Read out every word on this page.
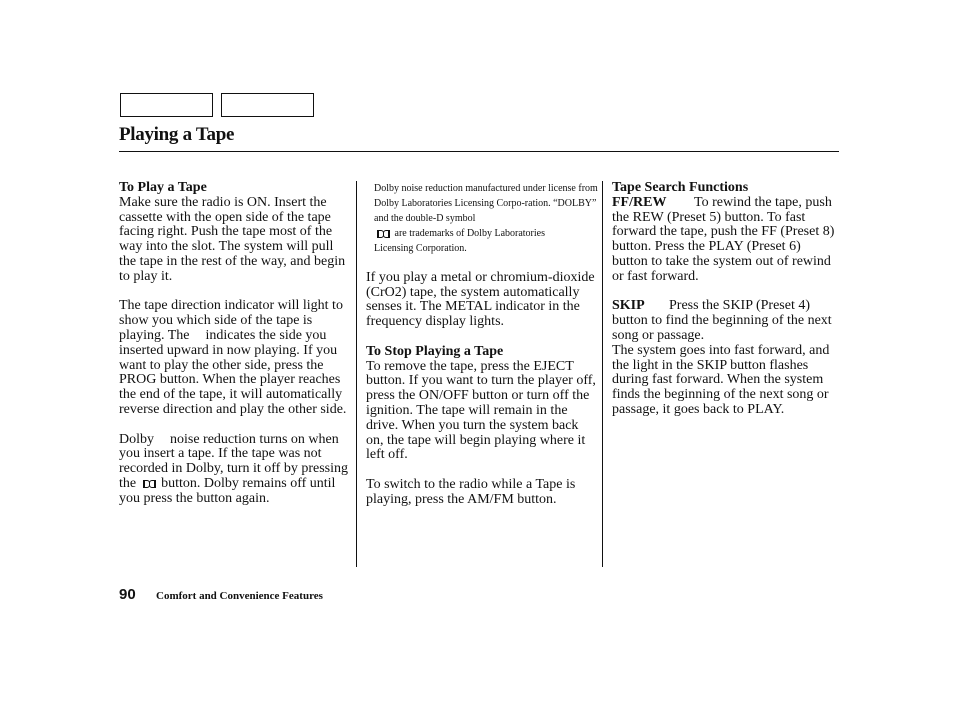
Playing a Tape

To Play a Tape

Make sure the radio is ON. Insert the cassette with the open side of the tape facing right. Push the tape most of the way into the slot. The system will pull the tape in the rest of the way, and begin to play it.

The tape direction indicator will light to show you which side of the tape is playing. The indicates the side you inserted upward in now playing. If you want to play the other side, press the PROG button. When the player reaches the end of the tape, it will automatically reverse direction and play the other side.

Dolby noise reduction turns on when you insert a tape. If the tape was not recorded in Dolby, turn it off by pressing the button. Dolby remains off until you press the button again.

Dolby noise reduction manufactured under license from Dolby Laboratories Licensing Corpo-ration. “DOLBY” and the double-D symbol
are trademarks of Dolby Laboratories
Licensing Corporation.

If you play a metal or chromium-dioxide (CrO2) tape, the system automatically senses it. The METAL indicator in the frequency display lights.

To Stop Playing a Tape

To remove the tape, press the EJECT button. If you want to turn the player off, press the ON/OFF button or turn off the ignition. The tape will remain in the drive. When you turn the system back on, the tape will begin playing where it left off.

To switch to the radio while a Tape is playing, press the AM/FM button.

Tape Search Functions

FF/REW To rewind the tape, push the REW (Preset 5) button. To fast forward the tape, push the FF (Preset 8) button. Press the PLAY (Preset 6) button to take the system out of rewind or fast forward.

SKIP Press the SKIP (Preset 4) button to find the beginning of the next song or passage.

The system goes into fast forward, and the light in the SKIP button flashes during fast forward. When the system finds the beginning of the next song or passage, it goes back to PLAY.

90 Comfort and Convenience Features
